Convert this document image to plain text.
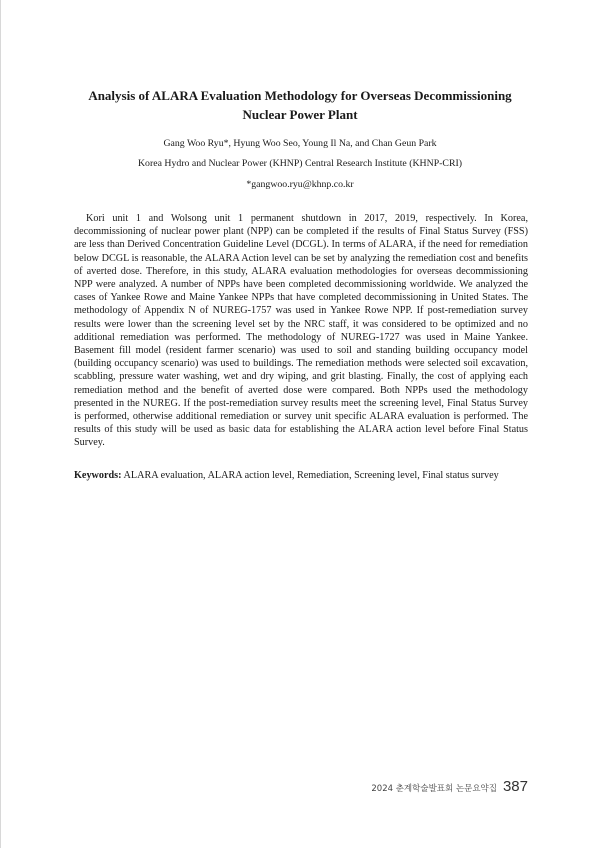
Analysis of ALARA Evaluation Methodology for Overseas Decommissioning
Nuclear Power Plant
Gang Woo Ryu*, Hyung Woo Seo, Young Il Na, and Chan Geun Park
Korea Hydro and Nuclear Power (KHNP) Central Research Institute (KHNP-CRI)
*gangwoo.ryu@khnp.co.kr

Kori unit 1 and Wolsong unit 1 permanent shutdown in 2017, 2019, respectively. In Korea, decommissioning of nuclear power plant (NPP) can be completed if the results of Final Status Survey (FSS) are less than Derived Concentration Guideline Level (DCGL). In terms of ALARA, if the need for remediation below DCGL is reasonable, the ALARA Action level can be set by analyzing the remediation cost and benefits of averted dose. Therefore, in this study, ALARA evaluation methodologies for overseas decommissioning NPP were analyzed. A number of NPPs have been completed decommissioning worldwide. We analyzed the cases of Yankee Rowe and Maine Yankee NPPs that have completed decommissioning in United States. The methodology of Appendix N of NUREG-1757 was used in Yankee Rowe NPP. If post-remediation survey results were lower than the screening level set by the NRC staff, it was considered to be optimized and no additional remediation was performed. The methodology of NUREG-1727 was used in Maine Yankee. Basement fill model (resident farmer scenario) was used to soil and standing building occupancy model (building occupancy scenario) was used to buildings. The remediation methods were selected soil excavation, scabbling, pressure water washing, wet and dry wiping, and grit blasting. Finally, the cost of applying each remediation method and the benefit of averted dose were compared. Both NPPs used the methodology presented in the NUREG. If the post-remediation survey results meet the screening level, Final Status Survey is performed, otherwise additional remediation or survey unit specific ALARA evaluation is performed. The results of this study will be used as basic data for establishing the ALARA action level before Final Status Survey.

Keywords: ALARA evaluation, ALARA action level, Remediation, Screening level, Final status survey

2024 춘계학술발표회 논문요약집 387
